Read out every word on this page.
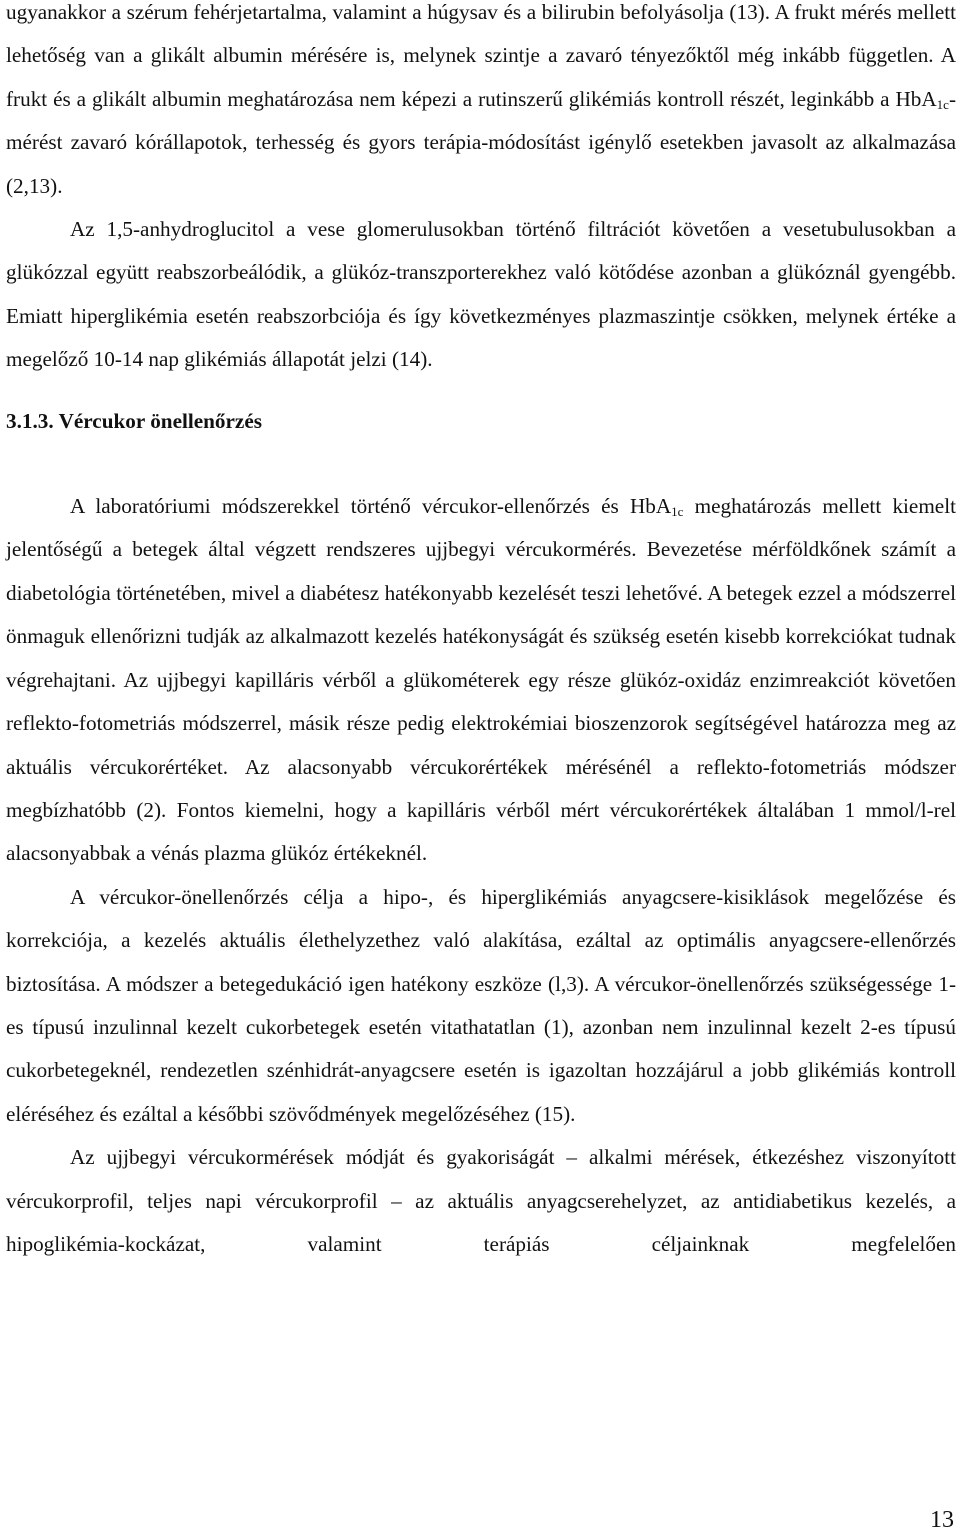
ugyanakkor a szérum fehérjetartalma, valamint a húgysav és a bilirubin befolyásolja (13). A frukt mérés mellett lehetőség van a glikált albumin mérésére is, melynek szintje a zavaró tényezőktől még inkább független. A frukt és a glikált albumin meghatározása nem képezi a rutinszerű glikémiás kontroll részét, leginkább a HbA$_{1c}$-mérést zavaró kórállapotok, terhesség és gyors terápia-módosítást igénylő esetekben javasolt az alkalmazása (2,13).

Az 1,5-anhydroglucitol a vese glomerulusokban történő filtrációt követően a vesetubulusokban a glükózzal együtt reabszorbeálódik, a glükóz-transzporterekhez való kötődése azonban a glükóznál gyengébb. Emiatt hiperglikémia esetén reabszorbciója és így következményes plazmaszintje csökken, melynek értéke a megelőző 10-14 nap glikémiás állapotát jelzi (14).

3.1.3. Vércukor önellenőrzés

A laboratóriumi módszerekkel történő vércukor-ellenőrzés és HbA$_{1c}$ meghatározás mellett kiemelt jelentőségű a betegek által végzett rendszeres ujjbegyi vércukormérés. Bevezetése mérföldkőnek számít a diabetológia történetében, mivel a diabétesz hatékonyabb kezelését teszi lehetővé. A betegek ezzel a módszerrel önmaguk ellenőrizni tudják az alkalmazott kezelés hatékonyságát és szükség esetén kisebb korrekciókat tudnak végrehajtani. Az ujjbegyi kapilláris vérből a glükométerek egy része glükóz-oxidáz enzimreakciót követően reflekto-fotometriás módszerrel, másik része pedig elektrokémiai bioszenzorok segítségével határozza meg az aktuális vércukorértéket. Az alacsonyabb vércukorértékek mérésénél a reflekto-fotometriás módszer megbízhatóbb (2). Fontos kiemelni, hogy a kapilláris vérből mért vércukorértékek általában 1 mmol/l-rel alacsonyabbak a vénás plazma glükóz értékeknél.

A vércukor-önellenőrzés célja a hipo-, és hiperglikémiás anyagcsere-kisiklások megelőzése és korrekciója, a kezelés aktuális élethelyzethez való alakítása, ezáltal az optimális anyagcsere-ellenőrzés biztosítása. A módszer a betegedukáció igen hatékony eszköze (l,3). A vércukor-önellenőrzés szükségessége 1-es típusú inzulinnal kezelt cukorbetegek esetén vitathatatlan (1), azonban nem inzulinnal kezelt 2-es típusú cukorbetegeknél, rendezetlen szénhidrát-anyagcsere esetén is igazoltan hozzájárul a jobb glikémiás kontroll eléréséhez és ezáltal a későbbi szövődmények megelőzéséhez (15).

Az ujjbegyi vércukormérések módját és gyakoriságát – alkalmi mérések, étkezéshez viszonyított vércukorprofil, teljes napi vércukorprofil – az aktuális anyagcserehelyzet, az antidiabetikus kezelés, a hipoglikémia-kockázat, valamint terápiás céljainknak megfelelően

13
